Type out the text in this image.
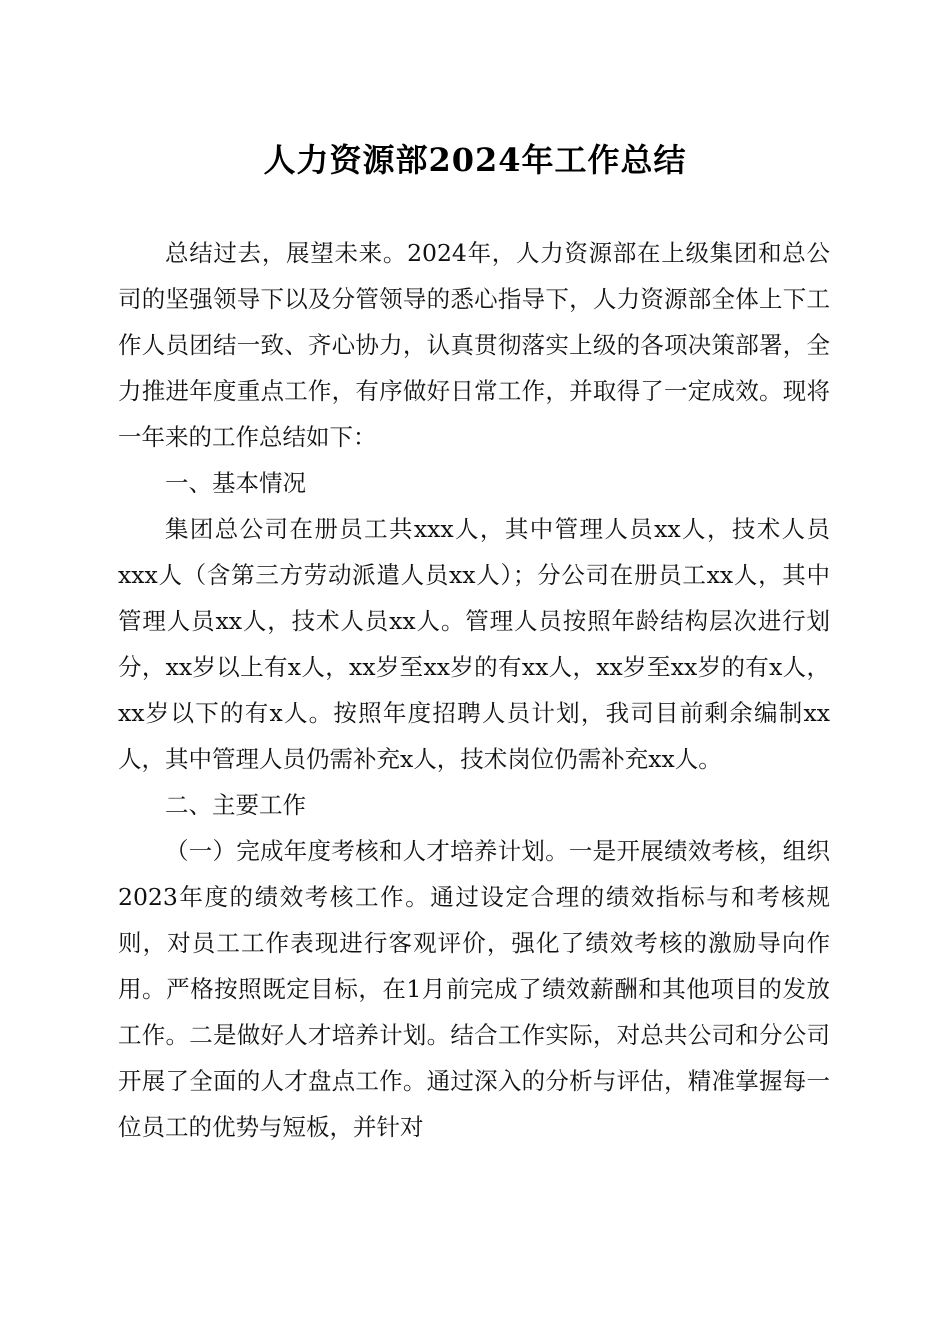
人力资源部2024年工作总结

总结过去，展望未来。2024年，人力资源部在上级集团和总公司的坚强领导下以及分管领导的悉心指导下，人力资源部全体上下工作人员团结一致、齐心协力，认真贯彻落实上级的各项决策部署，全力推进年度重点工作，有序做好日常工作，并取得了一定成效。现将一年来的工作总结如下：

一、基本情况

集团总公司在册员工共xxx人，其中管理人员xx人，技术人员xxx人（含第三方劳动派遣人员xx人）；分公司在册员工xx人，其中管理人员xx人，技术人员xx人。管理人员按照年龄结构层次进行划分，xx岁以上有x人，xx岁至xx岁的有xx人，xx岁至xx岁的有x人，xx岁以下的有x人。按照年度招聘人员计划，我司目前剩余编制xx人，其中管理人员仍需补充x人，技术岗位仍需补充xx人。

二、主要工作

（一）完成年度考核和人才培养计划。一是开展绩效考核，组织2023年度的绩效考核工作。通过设定合理的绩效指标与和考核规则，对员工工作表现进行客观评价，强化了绩效考核的激励导向作用。严格按照既定目标，在1月前完成了绩效薪酬和其他项目的发放工作。二是做好人才培养计划。结合工作实际，对总共公司和分公司开展了全面的人才盘点工作。通过深入的分析与评估，精准掌握每一位员工的优势与短板，并针对
